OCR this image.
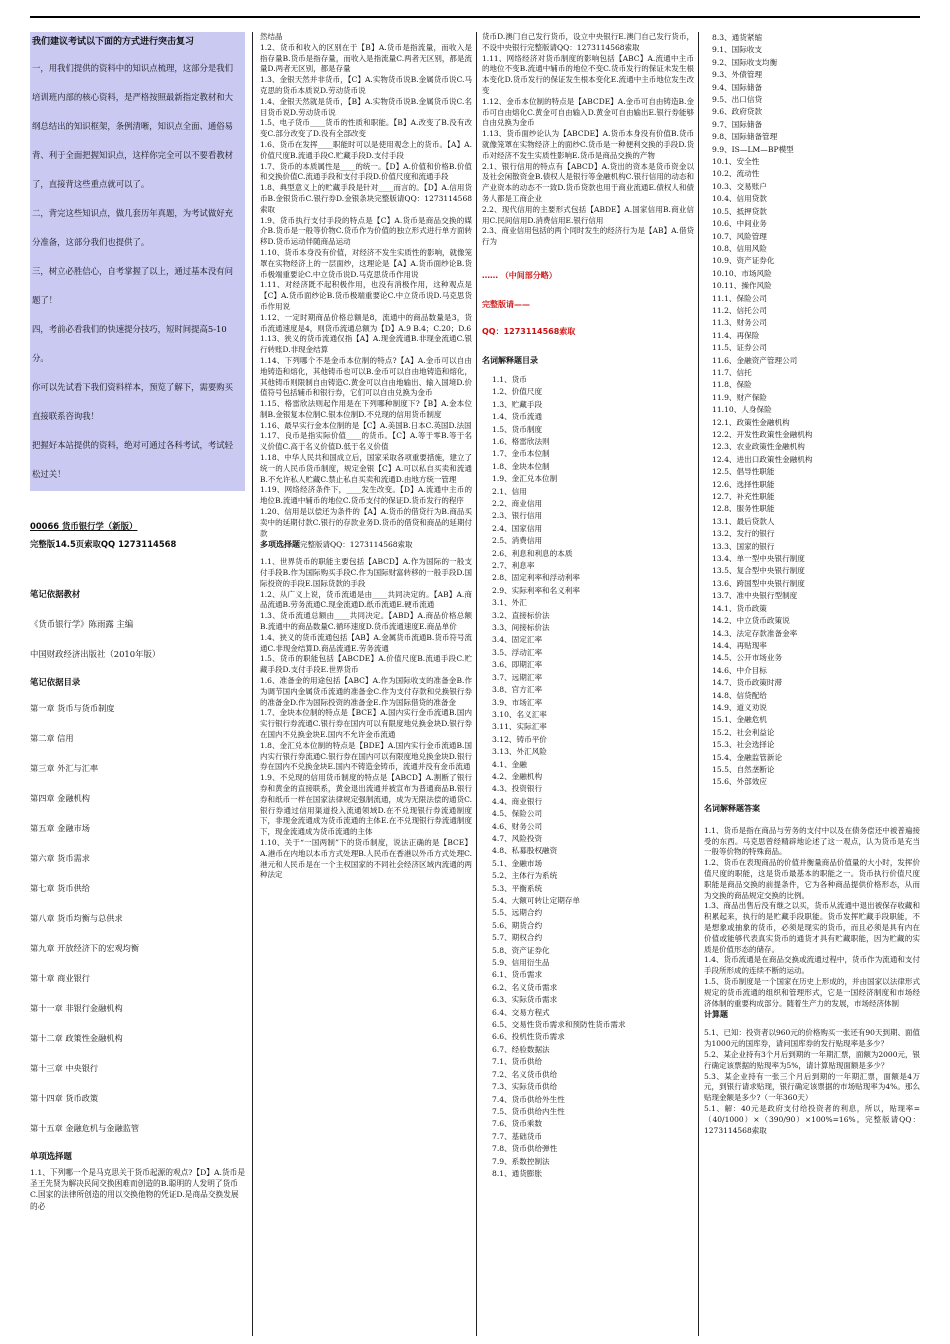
我们建议考试以下面的方式进行突击复习

一，用我们提供的资料中的知识点梳理，这部分是我们培训班内部的核心资料，是严格按照最新指定教材和大纲总结出的知识框架，条例清晰，知识点全面、通俗易背、利于全面把握知识点，这样你完全可以不要看教材了，直接背这些重点就可以了。

二，背完这些知识点，做几套历年真题，为考试做好充分准备，这部分我们也提供了。

三，树立必胜信心，自考掌握了以上，通过基本没有问题了！

四，考前必看我们的快速提分技巧，短时间提高5-10分。

你可以先试看下我们资料样本，预览了解下，需要购买直接联系咨询我！

把握好本站提供的资料，绝对可通过各科考试，考试轻松过关！

00066 货币银行学（新版）
完整版14.5页索取QQ 1273114568
笔记依据教材
《货币银行学》陈雨露 主编
中国财政经济出版社（2010年版）
笔记依据目录
第一章 货币与货币制度
第二章 信用
第三章 外汇与汇率
第四章 金融机构
第五章 金融市场
第六章 货币需求
第七章 货币供给
第八章 货币均衡与总供求
第九章 开放经济下的宏观均衡
第十章 商业银行
第十一章 非银行金融机构
第十二章 政策性金融机构
第十三章 中央银行
第十四章 货币政策
第十五章 金融危机与金融监管
单项选择题
1.1、下列哪一个是马克思关于货币起源的观点?【D】A.货币是圣王先贤为解决民间交换困难而创造的B.聪明的人发明了货币C.国家的法律所创造的用以交换他物的凭证D.是商品交换发展的必

然结晶

1.2、货币和收入的区别在于【B】A.货币是指流量，而收入是指存量B.货币是指存量，而收入是指流量C.两者无区别，都是流量D.两者无区别，都是存量

1.3、金银天然并非货币，【C】A.实物货币说B.金属货币说C.马克思的货币本质说D.劳动货币说

1.4、金银天然就是货币，【B】A.实物货币说B.金属货币说C.名目货币说D.劳动货币说

1.5、电子货币____货币的性质和职能。【B】A.改变了B.没有改变C.部分改变了D.没有全部改变

1.6、货币在发挥____职能时可以是使用观念上的货币。【A】A.价值尺度B.流通手段C.贮藏手段D.支付手段

1.7、货币的本质属性是____的统一。【D】A.价值和价格B.价值和交换价值C.流通手段和支付手段D.价值尺度和流通手段

1.8、典型意义上的贮藏手段是针对____而言的。【D】A.信用货币B.金银货币C.银行券D.金银条块完整版请QQ：1273114568索取

1.9、货币执行支付手段的特点是【C】A.货币是商品交换的媒介B.货币是一般等价物C.货币作为价值的独立形式进行单方面转移D.货币运动伴随商品运动

1.10、货币本身没有价值，对经济不发生实质性的影响，就像笼罩在实物经济上的一层面纱，这理论是【A】A.货币面纱论B.货币极端重要论C.中立货币说D.马克思货币作用说

1.11、对经济既不起积极作用，也没有消极作用，这种观点是【C】A.货币面纱论B.货币极端重要论C.中立货币说D.马克思货币作用说

1.12、一定时期商品价格总额是8，流通中的商品数量是3，货币流通速度是4，则货币流通总额为【D】A.9 B.4；C.20；D.6

1.13、狭义的货币流通仅指【A】A.现金流通B.非现金流通C.银行转账D.非现金结算

1.14、下列哪个不是金币本位制的特点?【A】A.金币可以自由地铸造和熔化，其他铸币也可以B.金币可以自由地铸造和熔化，其他铸币则限制自由铸造C.黄金可以自由地输出、输入国境D.价值符号包括辅币和银行券，它们可以自由兑换为金币

1.15、格雷欣法则起作用是在下列哪种制度下?【B】A.金本位制B.金银复本位制C.银本位制D.不兑现的信用货币制度

1.16、最早实行金本位制的是【C】A.美国B.日本C.英国D.法国

1.17、良币是指实际价值____的货币。【C】A.等于零B.等于名义价值C.高于名义价值D.低于名义价值

1.18、中华人民共和国成立后，国家采取各项重要措施，建立了统一的人民币货币制度，规定金银【C】A.可以私自买卖和流通B.不允许私人贮藏C.禁止私自买卖和流通D.由地方统一管理

1.19、网络经济条件下，____发生改变。【D】A.流通中主币的地位B.流通中辅币的地位C.货币支付的保证D.货币发行的程序

1.20、信用是以偿还为条件的【A】A.货币的借贷行为B.商品买卖中的延期付款C.银行的存款业务D.货币的借贷和商品的延期付款

多项选择题完整版请QQ：1273114568索取

1.1、世界货币的职能主要包括【ABCD】A.作为国际的一般支付手段B.作为国际购买手段C.作为国际财富转移的一般手段D.国际投资的手段E.国际货款的手段

1.2、从广义上说，货币流通是由____共同决定的。【AB】A.商品流通B.劳务流通C.现金流通D.纸币流通E.硬币流通

1.3、货币流通总额由____共同决定。【ABD】A.商品价格总额B.流通中的商品数量C.循环速度D.货币流通速度E.商品单价

1.4、狭义的货币流通包括【AB】A.金属货币流通B.货币符号流通C.非现金结算D.商品流通E.劳务流通

1.5、货币的职能包括【ABCDE】A.价值尺度B.流通手段C.贮藏手段D.支付手段E.世界货币

1.6、准备金的用途包括【ABC】A.作为国际收支的准备金B.作为调节国内金属货币流通的准备金C.作为支付存款和兑换银行券的准备金D.作为国际投资的准备金E.作为国际借贷的准备金

1.7、金块本位制的特点是【BCE】A.国内实行金币流通B.国内实行银行券流通C.银行券在国内可以有限度地兑换金块D.银行券在国内不兑换金块E.国内不允许金币流通

1.8、金汇兑本位制的特点是【BDE】A.国内实行金币流通B.国内实行银行券流通C.银行券在国内可以有限度地兑换金块D.银行券在国内不兑换金块E.国内不铸造金铸币，流通并没有金币流通

1.9、不兑现的信用货币制度的特点是【ABCD】A.割断了银行券和黄金的直接联系，黄金退出流通并被宣布为普通商品B.银行券和纸币一样在国家法律规定强制流通，成为无限法偿的通货C.银行券通过信用渠道投入流通领域D.在不兑现银行券流通制度下，非现金流通成为货币流通的主体E.在不兑现银行券流通制度下，现金流通成为货币流通的主体

1.10、关于“一国两制”下的货币制度，说法正确的是【BCE】A.港币在内地以本币方式处理B.人民币在香港以外币方式处理C.港元和人民币是在一个主权国家的不同社会经济区域内流通的两种法定

货币D.澳门自己发行货币，设立中央银行E.澳门自己发行货币，不设中央银行完整版请QQ：1273114568索取

1.11、网络经济对货币制度的影响包括【ABC】A.流通中主币的地位不变B.流通中辅币的地位不变C.货币发行的保证未发生根本变化D.货币发行的保证发生根本变化E.流通中主币地位发生改变

1.12、金币本位制的特点是【ABCDE】A.金币可自由铸造B.金币可自由熔化C.黄金可自由输入D.黄金可自由输出E.银行券能够自由兑换为金币

1.13、货币面纱论认为【ABCDE】A.货币本身没有价值B.货币就像笼罩在实物经济上的面纱C.货币是一种便利交换的手段D.货币对经济不发生实质性影响E.货币是商品交换的产物

2.1、银行信用的特点有【ABCD】A.贷出的资本是货币资金以及社会闲散资金B.债权人是银行等金融机构C.银行信用的动态和产业资本的动态不一致D.货币贷款也用于商业流通E.债权人和债务人都是工商企业

2.2、现代信用的主要形式包括【ABDE】A.国家信用B.商业信用C.民间信用D.消费信用E.银行信用

2.3、商业信用包括的两个同时发生的经济行为是【AB】A.借贷行为

…… （中间部分略）
完整版请——
QQ：1273114568索取
名词解释题目录
1.1、货币
1.2、价值尺度
1.3、贮藏手段
1.4、货币流通
1.5、货币制度
1.6、格雷欣法则
1.7、金币本位制
1.8、金块本位制
1.9、金汇兑本位制
2.1、信用
2.2、商业信用
2.3、银行信用
2.4、国家信用
2.5、消费信用
2.6、利息和利息的本质
2.7、利息率
2.8、固定利率和浮动利率
2.9、实际利率和名义利率
3.1、外汇
3.2、直接标价法
3.3、间接标价法
3.4、固定汇率
3.5、浮动汇率
3.6、即期汇率
3.7、远期汇率
3.8、官方汇率
3.9、市场汇率
3.10、名义汇率
3.11、实际汇率
3.12、铸币平价
3.13、外汇风险
4.1、金融
4.2、金融机构
4.3、投资银行
4.4、商业银行
4.5、保险公司
4.6、财务公司
4.7、风险投资
4.8、私募股权融资
5.1、金融市场
5.2、主体行为系统
5.3、平衡系统
5.4、大额可转让定期存单
5.5、远期合约
5.6、期货合约
5.7、期权合约
5.8、资产证券化
5.9、信用衍生品
6.1、货币需求
6.2、名义货币需求
6.3、实际货币需求
6.4、交易方程式
6.5、交易性货币需求和预防性货币需求
6.6、投机性货币需求
6.7、经验数据法
7.1、货币供给
7.2、名义货币供给
7.3、实际货币供给
7.4、货币供给外生性
7.5、货币供给内生性
7.6、货币乘数
7.7、基础货币
7.8、货币供给弹性
7.9、系数控制法
8.1、通货膨胀
8.3、通货紧缩
9.1、国际收支
9.2、国际收支均衡
9.3、外债管理
9.4、国际储备
9.5、出口信贷
9.6、政府贷款
9.7、国际储备
9.8、国际储备管理
9.9、IS—LM—BP模型
10.1、安全性
10.2、流动性
10.3、交易账户
10.4、信用贷款
10.5、抵押贷款
10.6、中间业务
10.7、风险管理
10.8、信用风险
10.9、资产证券化
10.10、市场风险
10.11、操作风险
11.1、保险公司
11.2、信托公司
11.3、财务公司
11.4、再保险
11.5、证券公司
11.6、金融资产管理公司
11.7、信托
11.8、保险
11.9、财产保险
11.10、人身保险
12.1、政策性金融机构
12.2、开发性政策性金融机构
12.3、农业政策性金融机构
12.4、进出口政策性金融机构
12.5、倡导性职能
12.6、选择性职能
12.7、补充性职能
12.8、服务性职能
13.1、最后贷款人
13.2、发行的银行
13.3、国家的银行
13.4、单一型中央银行制度
13.5、复合型中央银行制度
13.6、跨国型中央银行制度
13.7、准中央银行型制度
14.1、货币政策
14.2、中立货币政策说
14.3、法定存款准备金率
14.4、再贴现率
14.5、公开市场业务
14.6、中介目标
14.7、货币政策时滞
14.8、信贷配给
14.9、道义劝说
15.1、金融危机
15.2、社会利益论
15.3、社会选择论
15.4、金融监管新论
15.5、自然垄断论
15.6、外部效应
名词解释题答案

1.1、货币是指在商品与劳务的支付中以及在债务偿还中被普遍接受的东西。马克思曾经精辟地论述了这一观点，认为货币是充当一般等价物的特殊商品。

1.2、货币在表现商品的价值并衡量商品价值量的大小时，发挥价值尺度的职能，这是货币最基本的职能之一。货币执行价值尺度职能是商品交换的前提条件，它为各种商品提供价格形态，从而为交换的商品规定交换的比例。

1.3、商品出售后没有继之以买，货币从流通中退出被保存收藏和积累起来，执行的是贮藏手段职能。货币发挥贮藏手段职能，不是想象或抽象的货币，必须是现实的货币，而且必须是具有内在价值或能够代表真实货币的通货才具有贮藏职能，因为贮藏的实质是价值形态的储存。

1.4、货币流通是在商品交换或流通过程中，货币作为流通和支付手段所形成的连续不断的运动。

1.5、货币制度是一个国家在历史上形成的，并由国家以法律形式规定的货币流通的组织和管理形式，它是一国经济制度和市场经济体制的重要构成部分。随着生产力的发展，市场经济体制

计算题

5.1、已知：投资者以960元的价格购买一张还有90天到期、面值为1000元的国库券，请问国库券的发行贴现率是多少？

5.2、某企业持有3个月后到期的一年期汇票，面额为2000元，银行确定该票据的贴现率为5%，请计算贴现面额是多少？

5.3、某企业持有一张三个月后到期的一年期汇票，面额是4万元，到银行请求贴现，银行确定该票据的市场贴现率为4%。那么贴现金额是多少?（一年360天）

5.1、解：40元是政府支付给投资者的利息，所以，贴现率=（40/1000）×（390/90）×100%=16%。完整版请QQ：1273114568索取
